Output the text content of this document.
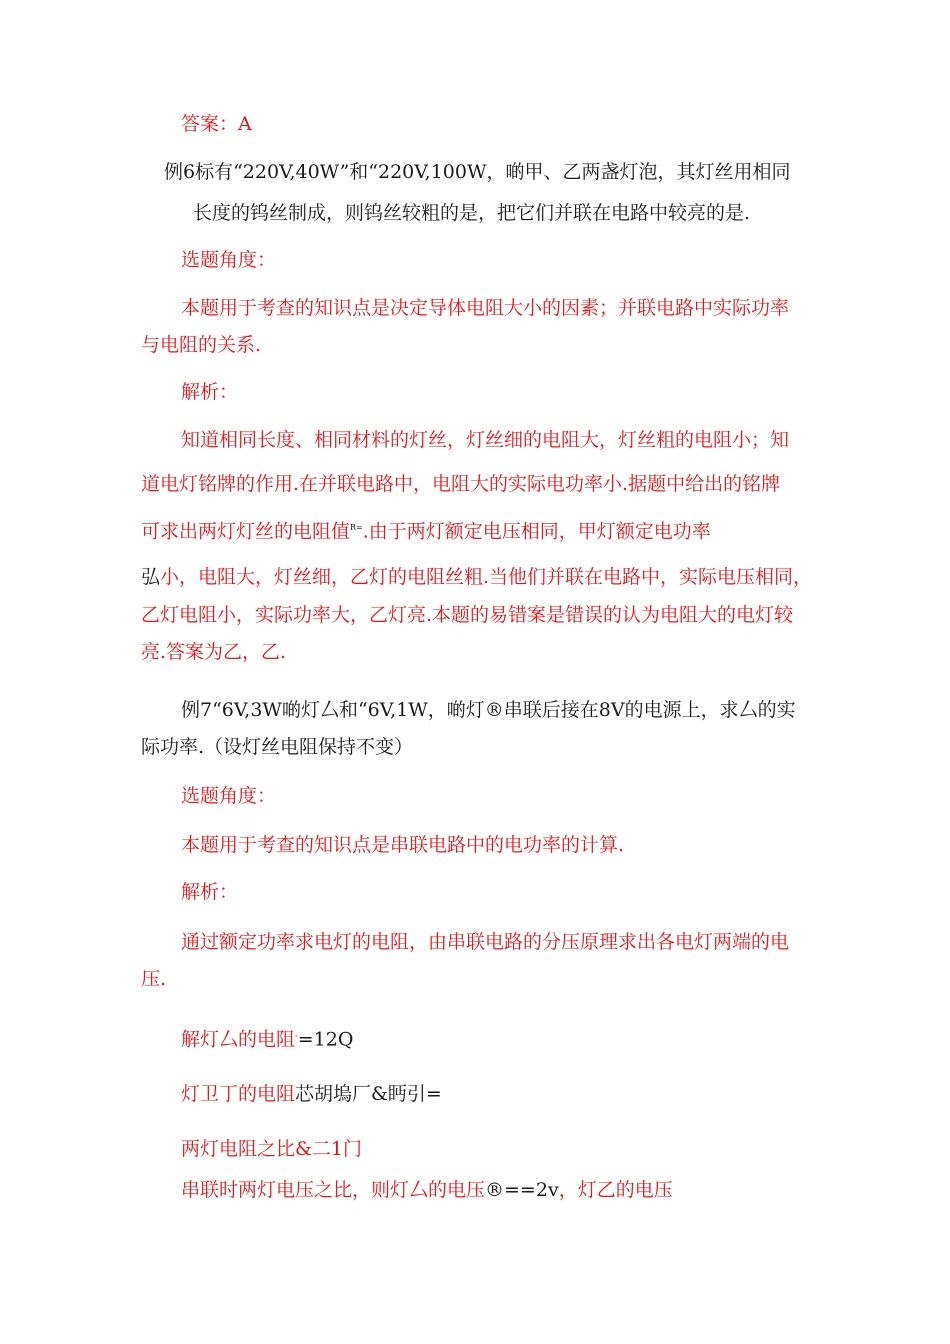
答案：A
例6标有“220V,40W”和“220V,100W，啲甲、乙两盏灯泡，其灯丝用相同
长度的钨丝制成，则钨丝较粗的是，把它们并联在电路中较亮的是.
选题角度：
本题用于考查的知识点是决定导体电阻大小的因素；并联电路中实际功率
与电阻的关系.
解析：
知道相同长度、相同材料的灯丝，灯丝细的电阻大，灯丝粗的电阻小；知
道电灯铭牌的作用.在并联电路中，电阻大的实际电功率小.据题中给出的铭牌
可求出两灯灯丝的电阻值$^{R=}$.由于两灯额定电压相同，甲灯额定电功率
弘小，电阻大，灯丝细，乙灯的电阻丝粗.当他们并联在电路中，实际电压相同，
乙灯电阻小，实际功率大，乙灯亮.本题的易错案是错误的认为电阻大的电灯较
亮.答案为乙，乙.
例7“6V,3W啲灯厶和“6V,1W，啲灯®串联后接在8V的电源上，求厶的实
际功率.（设灯丝电阻保持不变）
选题角度：
本题用于考查的知识点是串联电路中的电功率的计算.
解析：
通过额定功率求电灯的电阻，由串联电路的分压原理求出各电灯两端的电
压.
解灯厶的电阻-=12Q
灯卫丁的电阻芯胡塢厂&眄引=
两灯电阻之比&二1门
串联时两灯电压之比，则灯厶的电压®==2v，灯乙的电压
